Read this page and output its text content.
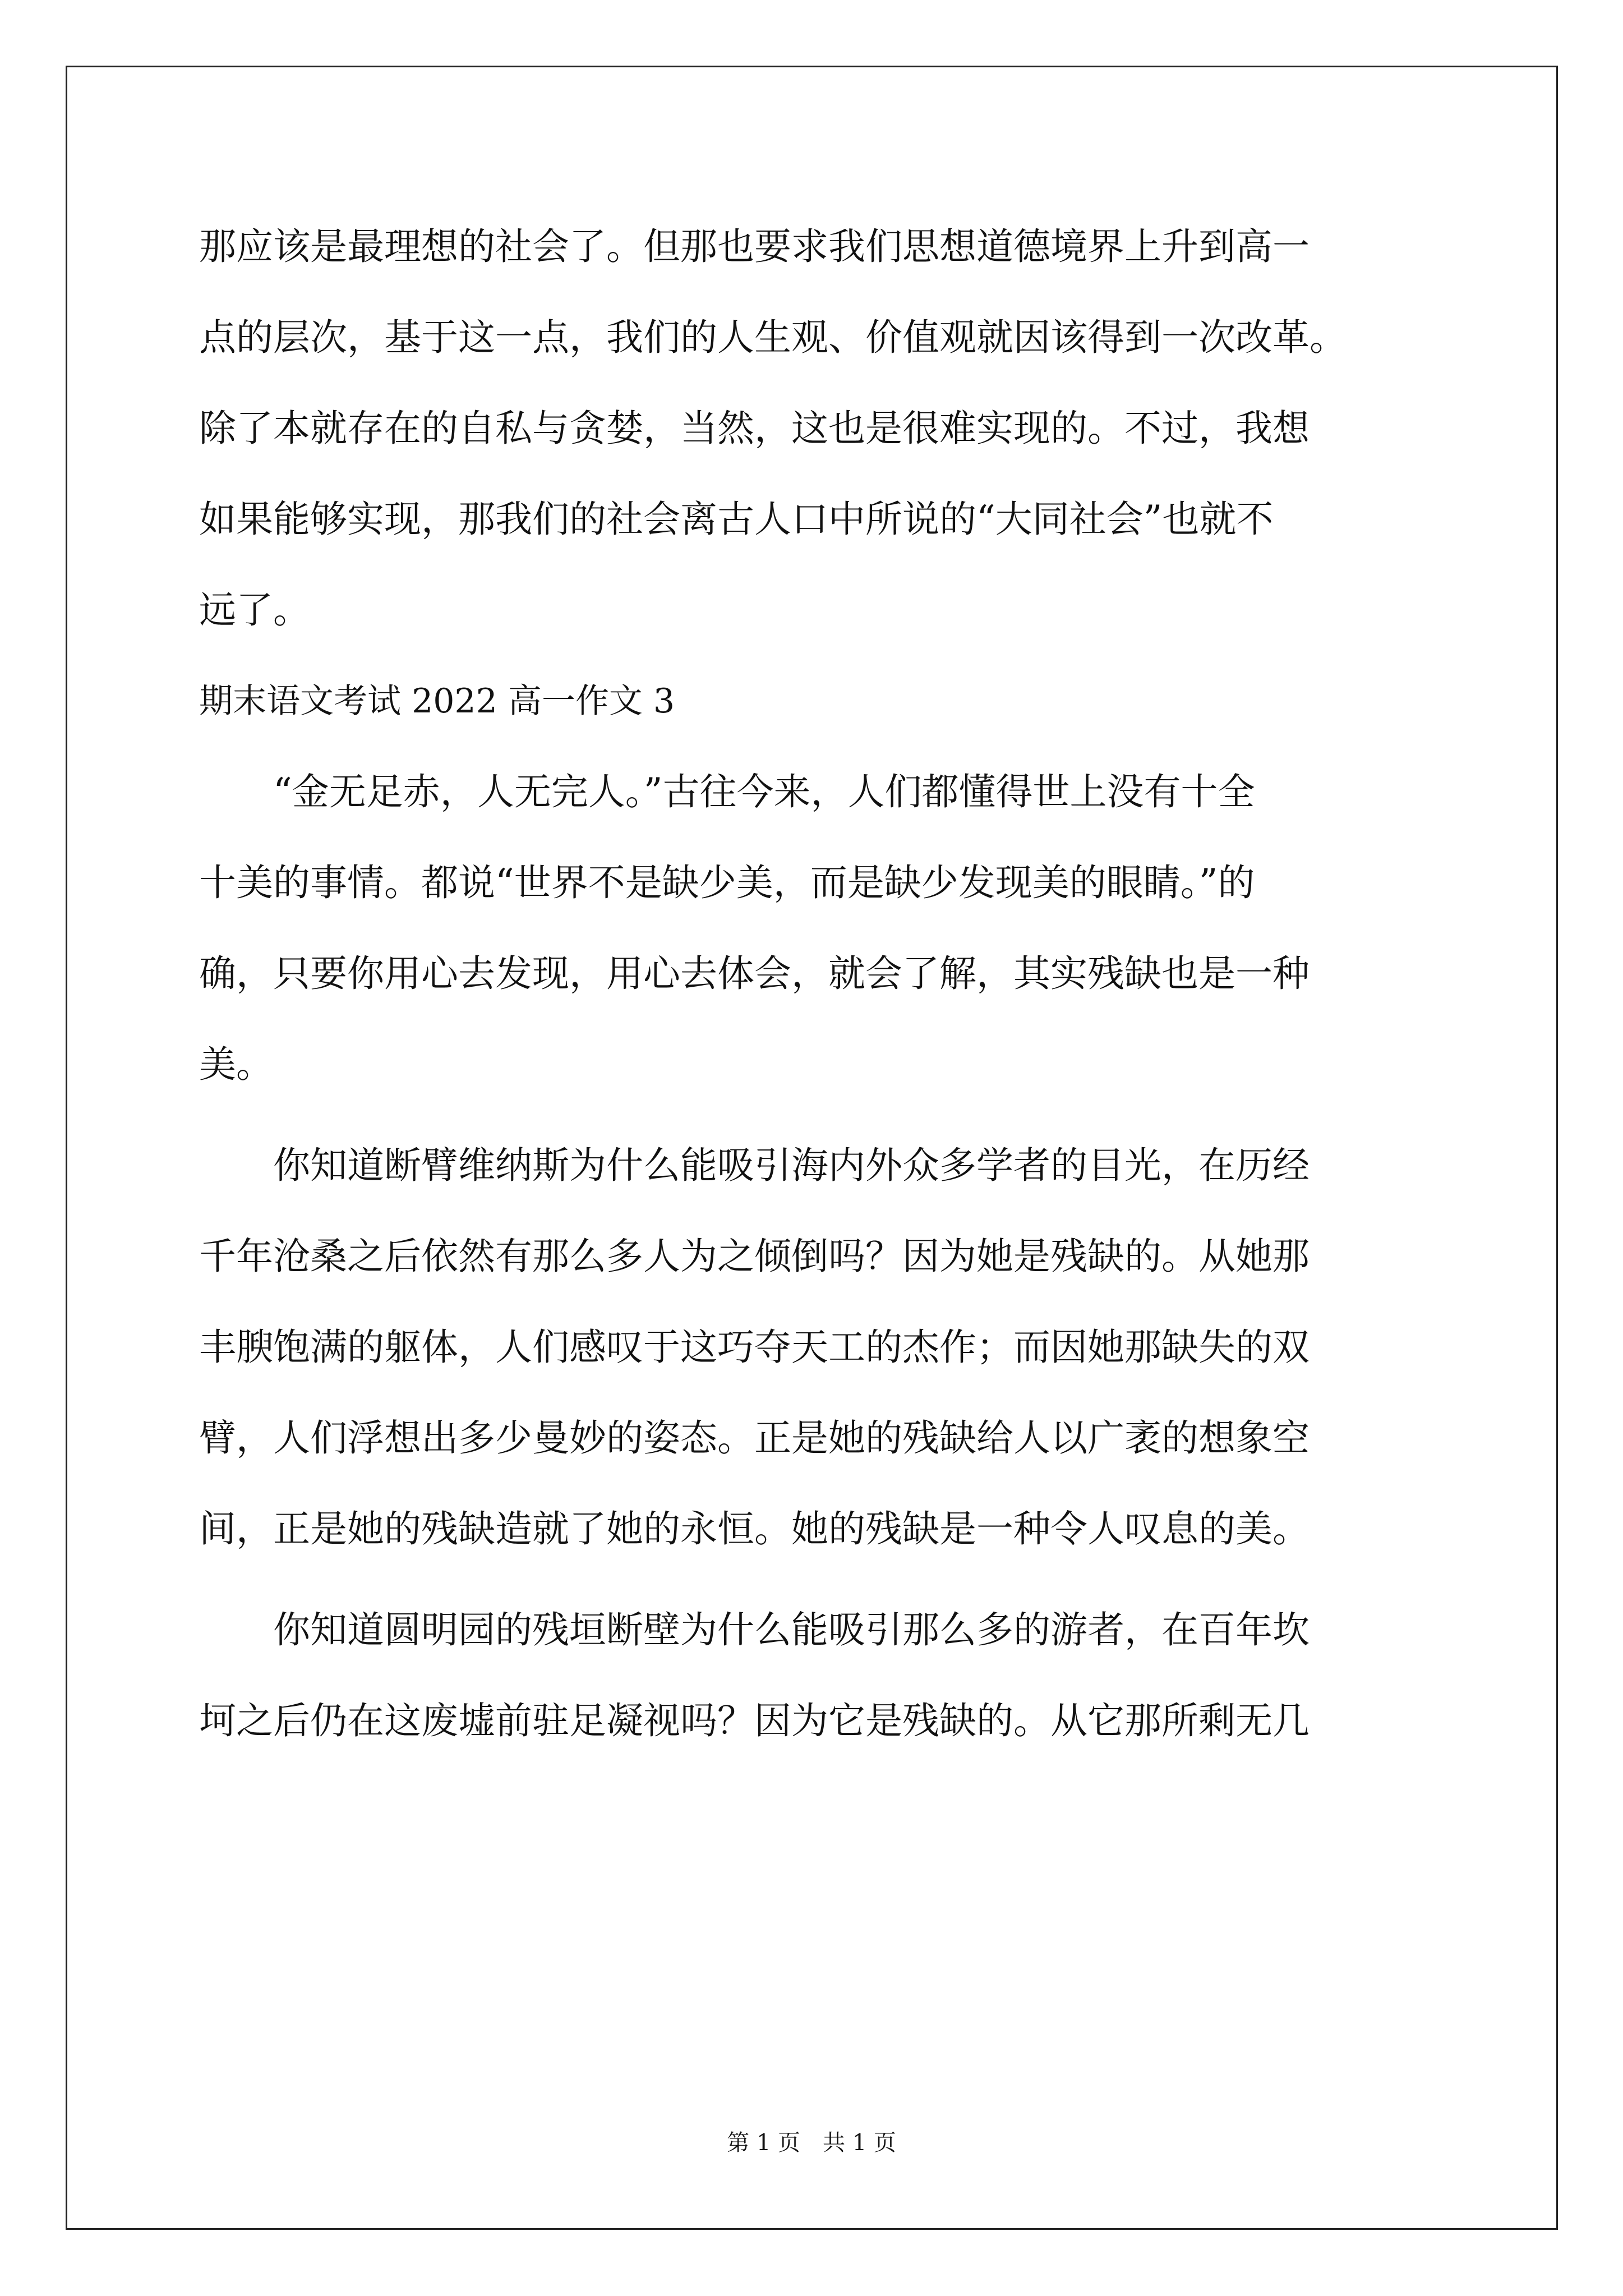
那应该是最理想的社会了。但那也要求我们思想道德境界上升到高一
点的层次，基于这一点，我们的人生观、价值观就因该得到一次改革。
除了本就存在的自私与贪婪，当然，这也是很难实现的。不过，我想
如果能够实现，那我们的社会离古人口中所说的“大同社会”也就不
远了。
期末语文考试 2022 高一作文 3
　　“金无足赤，人无完人。”古往今来，人们都懂得世上没有十全
十美的事情。都说“世界不是缺少美，而是缺少发现美的眼睛。”的
确，只要你用心去发现，用心去体会，就会了解，其实残缺也是一种
美。
　　你知道断臂维纳斯为什么能吸引海内外众多学者的目光，在历经
千年沧桑之后依然有那么多人为之倾倒吗？因为她是残缺的。从她那
丰腴饱满的躯体，人们感叹于这巧夺天工的杰作；而因她那缺失的双
臂，人们浮想出多少曼妙的姿态。正是她的残缺给人以广袤的想象空
间，正是她的残缺造就了她的永恒。她的残缺是一种令人叹息的美。
　　你知道圆明园的残垣断壁为什么能吸引那么多的游者，在百年坎
坷之后仍在这废墟前驻足凝视吗？因为它是残缺的。从它那所剩无几
第 1 页　共 1 页
